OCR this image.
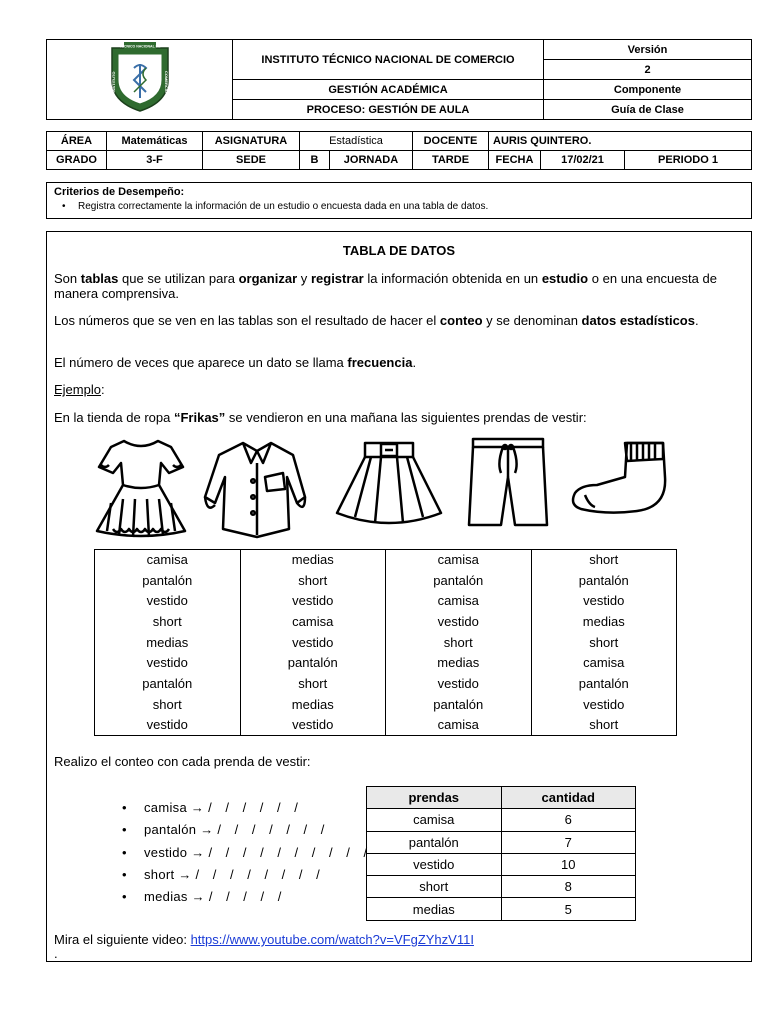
TÉCNICO NACIONAL DE
INSTITUTO COMERCIO	INSTITUTO TÉCNICO NACIONAL DE COMERCIO	Versión
		2
	GESTIÓN ACADÉMICA	Componente
	PROCESO: GESTIÓN DE AULA	Guía de Clase
ÁREA	Matemáticas	ASIGNATURA	Estadística		DOCENTE	AURIS QUINTERO.		
GRADO	3-F	SEDE	B	JORNADA	TARDE	FECHA	17/02/21	PERIODO 1
Criterios de Desempeño:
• Registra correctamente la información de un estudio o encuesta dada en una tabla de datos.
TABLA DE DATOS
Son tablas que se utilizan para organizar y registrar la información obtenida en un estudio o en una encuesta de manera comprensiva.
Los números que se ven en las tablas son el resultado de hacer el conteo y se denominan datos estadísticos.
El número de veces que aparece un dato se llama frecuencia.
Ejemplo:
En la tienda de ropa “Frikas” se vendieron en una mañana las siguientes prendas de vestir:
camisa	medias	camisa	short
pantalón	short	pantalón	pantalón
vestido	vestido	camisa	vestido
short	camisa	vestido	medias
medias	vestido	short	short
vestido	pantalón	medias	camisa
pantalón	short	vestido	pantalón
short	medias	pantalón	vestido
vestido	vestido	camisa	short
Realizo el conteo con cada prenda de vestir:
• camisa → / / / / / /
• pantalón → / / / / / / /
• vestido → / / / / / / / / / /
• short → / / / / / / / /
• medias → / / / / /
prendas	cantidad
camisa	6
pantalón	7
vestido	10
short	8
medias	5
Mira el siguiente video: https://www.youtube.com/watch?v=VFgZYhzV11I
.
